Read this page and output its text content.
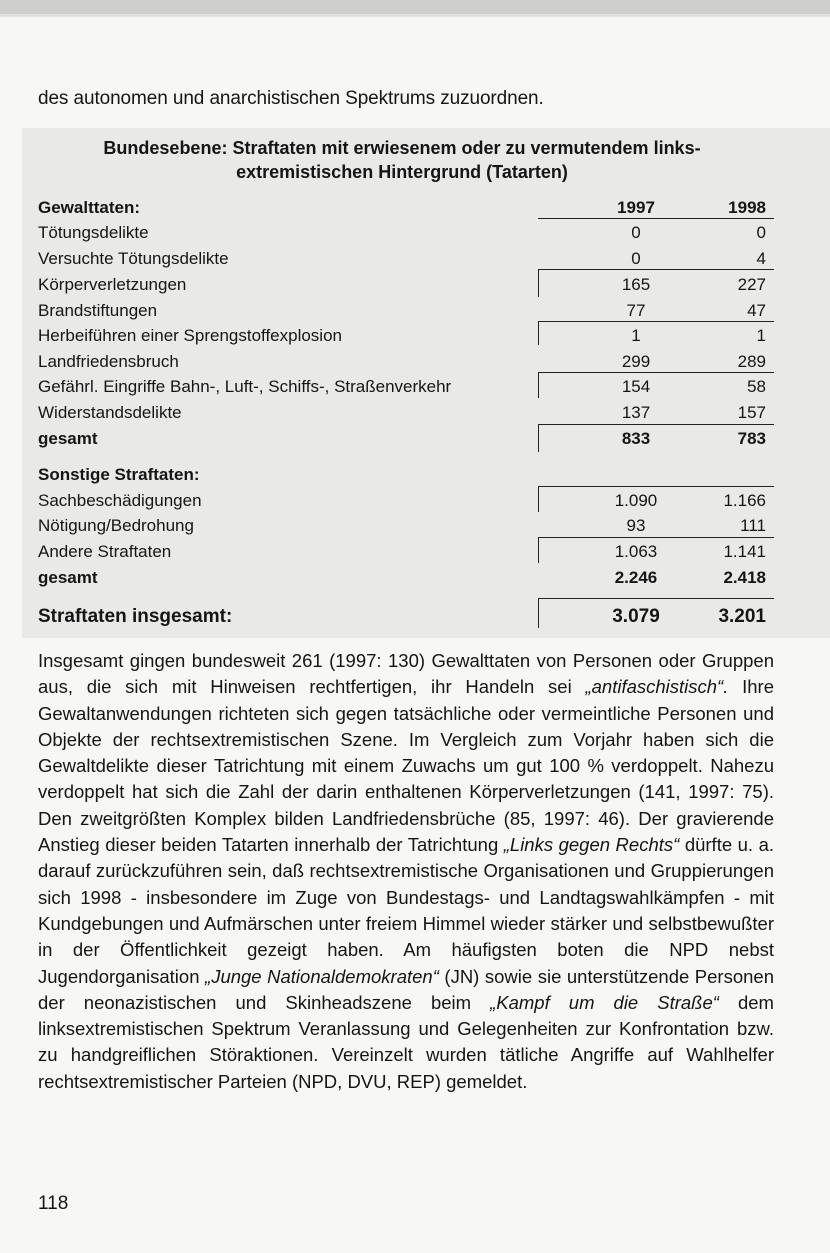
des autonomen und anarchistischen Spektrums zuzuordnen.
Bundesebene: Straftaten mit erwiesenem oder zu vermutendem links-
extremistischen Hintergrund (Tatarten)
Gewalttaten:	1997	1998
Tötungsdelikte	0	0
Versuchte Tötungsdelikte	0	4
Körperverletzungen	165	227
Brandstiftungen	77	47
Herbeiführen einer Sprengstoffexplosion	1	1
Landfriedensbruch	299	289
Gefährl. Eingriffe Bahn-, Luft-, Schiffs-, Straßenverkehr	154	58
Widerstandsdelikte	137	157
gesamt	833	783
Sonstige Straftaten:
Sachbeschädigungen	1.090	1.166
Nötigung/Bedrohung	93	111
Andere Straftaten	1.063	1.141
gesamt	2.246	2.418
Straftaten insgesamt:	3.079	3.201
Insgesamt gingen bundesweit 261 (1997: 130) Gewalttaten von Personen oder Gruppen aus, die sich mit Hinweisen rechtfertigen, ihr Handeln sei „antifaschistisch“. Ihre Gewaltanwendungen richteten sich gegen tatsächliche oder vermeintliche Personen und Objekte der rechtsextremistischen Szene. Im Vergleich zum Vorjahr haben sich die Gewaltdelikte dieser Tatrichtung mit einem Zuwachs um gut 100 % verdoppelt. Nahezu verdoppelt hat sich die Zahl der darin enthaltenen Körperverletzungen (141, 1997: 75). Den zweitgrößten Komplex bilden Landfriedensbrüche (85, 1997: 46). Der gravierende Anstieg dieser beiden Tatarten innerhalb der Tatrichtung „Links gegen Rechts“ dürfte u. a. darauf zurückzuführen sein, daß rechtsextremistische Organisationen und Gruppierungen sich 1998 - insbesondere im Zuge von Bundestags- und Landtagswahlkämpfen - mit Kundgebungen und Aufmärschen unter freiem Himmel wieder stärker und selbstbewußter in der Öffentlichkeit gezeigt haben. Am häufigsten boten die NPD nebst Jugendorganisation „Junge Nationaldemokraten“ (JN) sowie sie unterstützende Personen der neonazistischen und Skinheadszene beim „Kampf um die Straße“ dem linksextremistischen Spektrum Veranlassung und Gelegenheiten zur Konfrontation bzw. zu handgreiflichen Störaktionen. Vereinzelt wurden tätliche Angriffe auf Wahlhelfer rechtsextremistischer Parteien (NPD, DVU, REP) gemeldet.
118
